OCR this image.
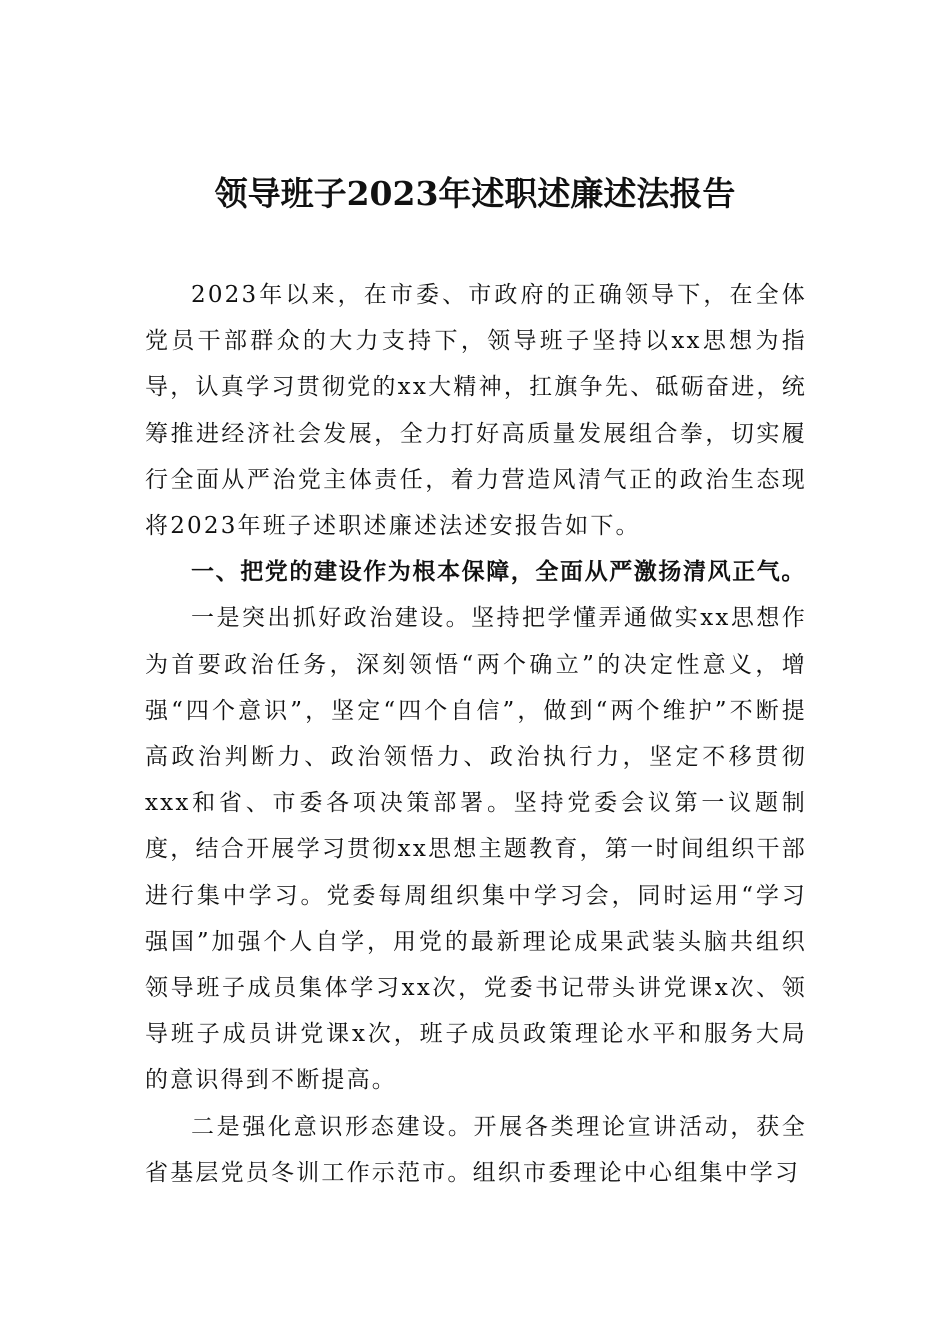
领导班子2023年述职述廉述法报告

2023年以来，在市委、市政府的正确领导下，在全体党员干部群众的大力支持下，领导班子坚持以xx思想为指导，认真学习贯彻党的xx大精神，扛旗争先、砥砺奋进，统筹推进经济社会发展，全力打好高质量发展组合拳，切实履行全面从严治党主体责任，着力营造风清气正的政治生态现将2023年班子述职述廉述法述安报告如下。

一、把党的建设作为根本保障，全面从严激扬清风正气。

一是突出抓好政治建设。坚持把学懂弄通做实xx思想作为首要政治任务，深刻领悟“两个确立”的决定性意义，增强“四个意识”，坚定“四个自信”，做到“两个维护”不断提高政治判断力、政治领悟力、政治执行力，坚定不移贯彻xxx和省、市委各项决策部署。坚持党委会议第一议题制度，结合开展学习贯彻xx思想主题教育，第一时间组织干部进行集中学习。党委每周组织集中学习会，同时运用“学习强国”加强个人自学，用党的最新理论成果武装头脑共组织领导班子成员集体学习xx次，党委书记带头讲党课x次、领导班子成员讲党课x次，班子成员政策理论水平和服务大局的意识得到不断提高。

二是强化意识形态建设。开展各类理论宣讲活动，获全省基层党员冬训工作示范市。组织市委理论中心组集中学习
